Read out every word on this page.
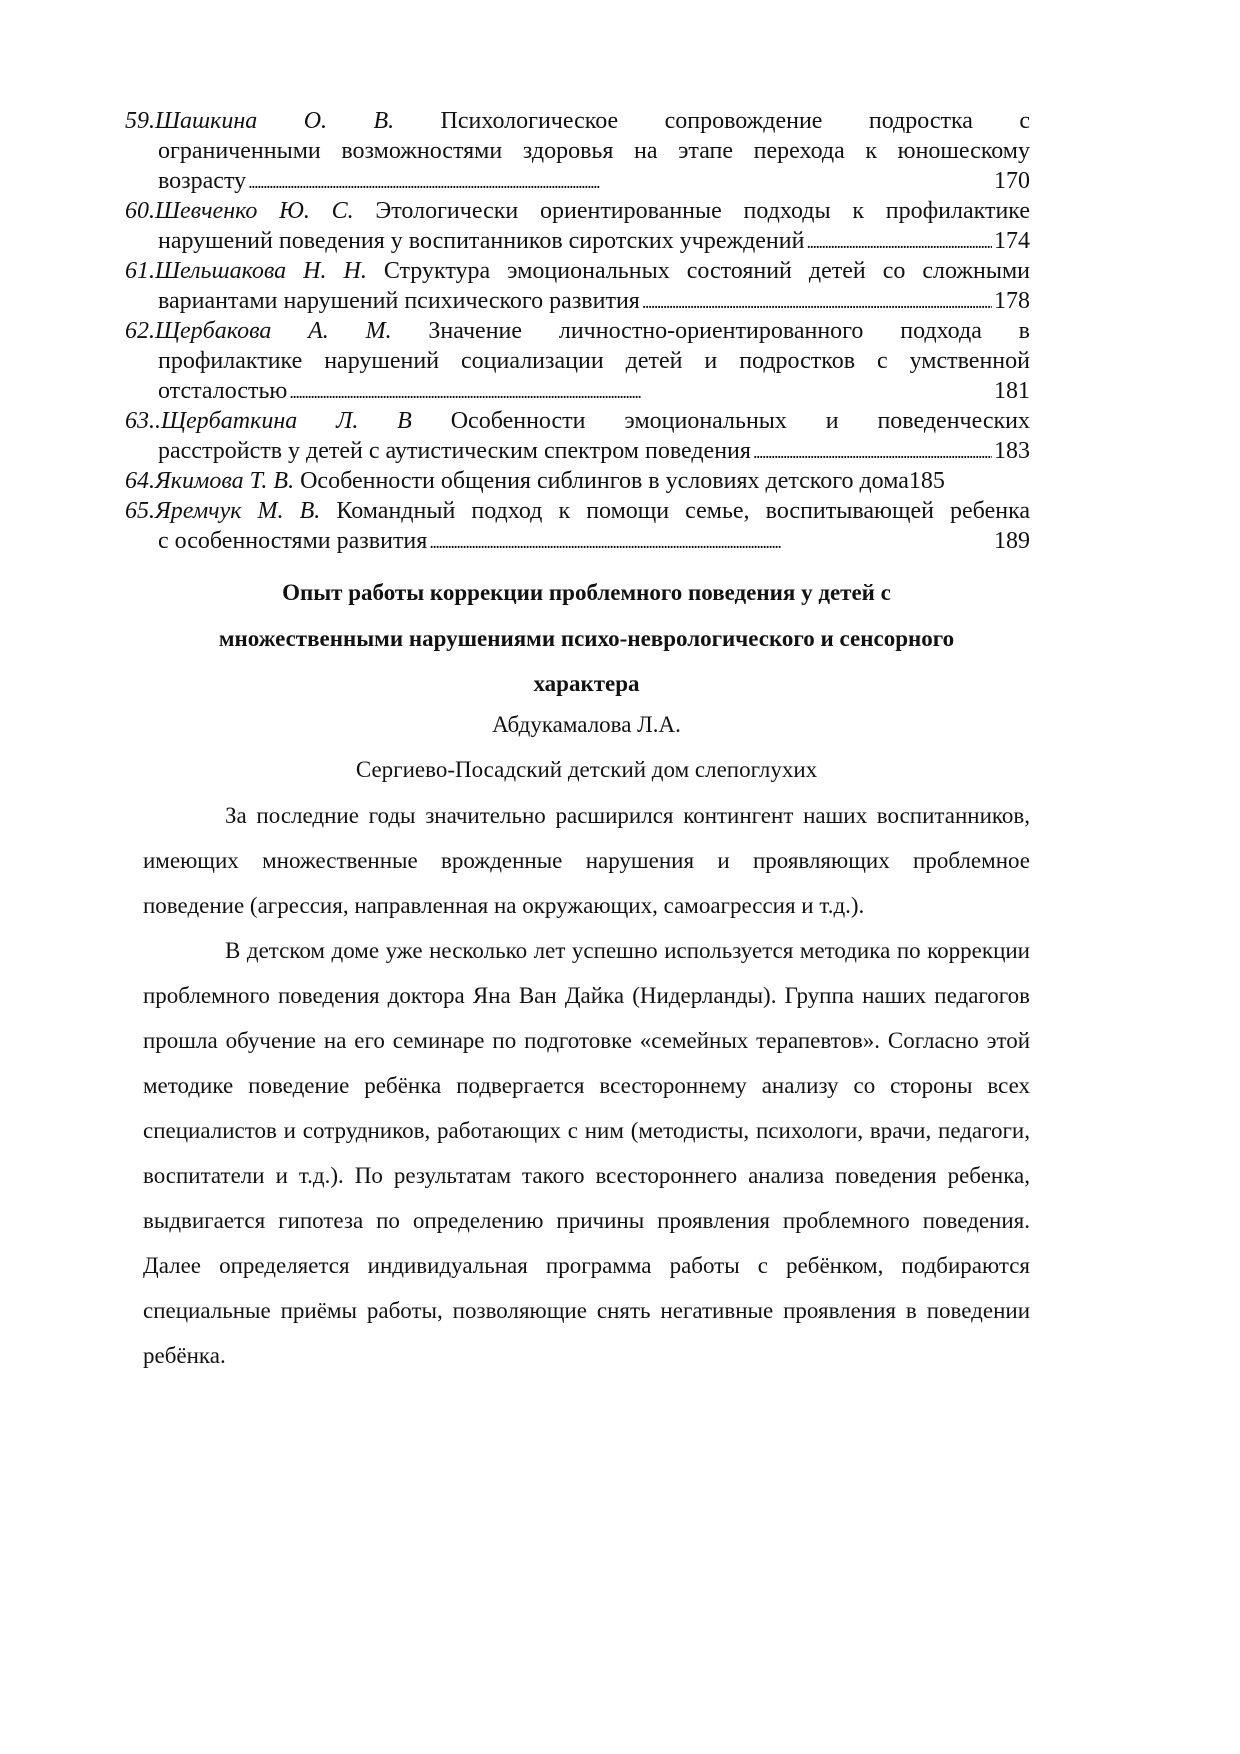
59.Шашкина О. В. Психологическое сопровождение подростка с
ограниченными возможностями здоровья на этапе перехода к юношескому
возрасту . . .	170
60.Шевченко Ю. С. Этологически ориентированные подходы к профилактике
нарушений поведения у воспитанников сиротских учреждений . . .	174
61.Шельшакова Н. Н. Структура эмоциональных состояний детей со сложными
вариантами нарушений психического развития . . .	178
62.Щербакова А. М. Значение личностно-ориентированного подхода в
профилактике нарушений социализации детей и подростков с умственной
отсталостью . . .	181
63..Щербаткина Л. В Особенности эмоциональных и поведенческих
расстройств у детей с аутистическим спектром поведения . . .	183
64.Якимова Т. В. Особенности общения сиблингов в условиях детского дома 185
65.Яремчук М. В. Командный подход к помощи семье, воспитывающей ребенка
с особенностями развития . . .	189
Опыт работы коррекции проблемного поведения у детей с
множественными нарушениями психо-неврологического и сенсорного
характера
Абдукамалова Л.А.
Сергиево-Посадский детский дом слепоглухих

За последние годы значительно расширился контингент наших воспитанников, имеющих множественные врожденные нарушения и проявляющих проблемное поведение (агрессия, направленная на окружающих, самоагрессия и т.д.).

В детском доме уже несколько лет успешно используется методика по коррекции проблемного поведения доктора Яна Ван Дайка (Нидерланды). Группа наших педагогов прошла обучение на его семинаре по подготовке «семейных терапевтов». Согласно этой методике поведение ребёнка подвергается всестороннему анализу со стороны всех специалистов и сотрудников, работающих с ним (методисты, психологи, врачи, педагоги, воспитатели и т.д.). По результатам такого всестороннего анализа поведения ребенка, выдвигается гипотеза по определению причины проявления проблемного поведения. Далее определяется индивидуальная программа работы с ребёнком, подбираются специальные приёмы работы, позволяющие снять негативные проявления в поведении ребёнка.
